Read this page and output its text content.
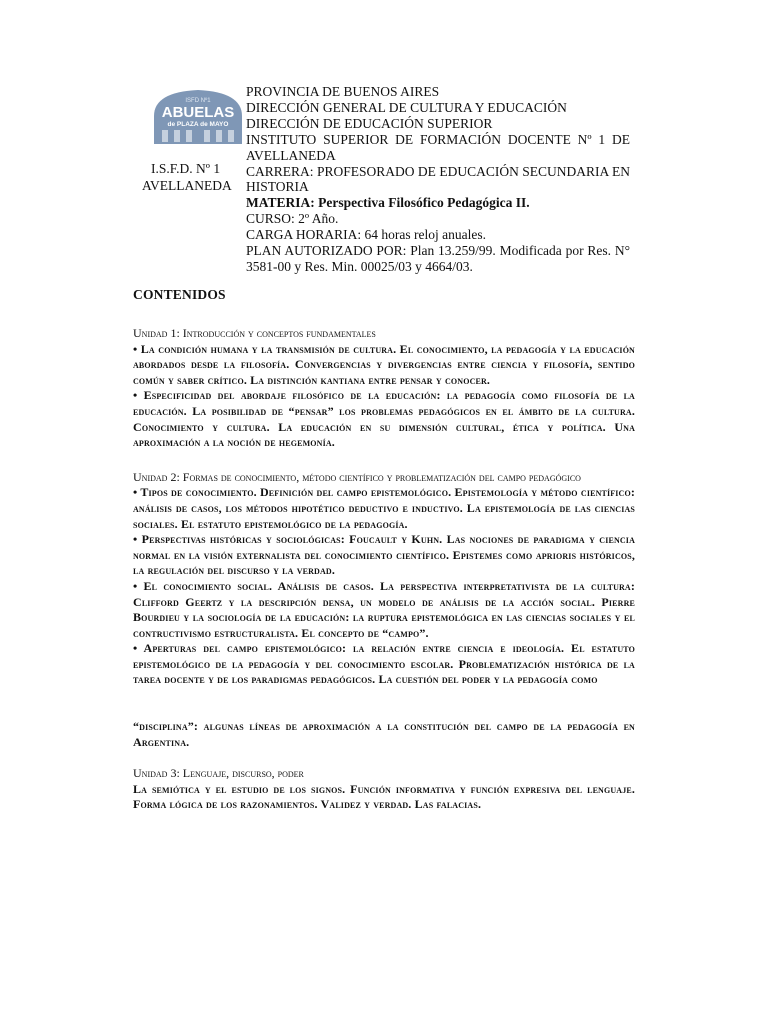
ISFD Nº1
ABUELAS
de PLAZA de MAYO
I.S.F.D. Nº 1
AVELLANEDA
PROVINCIA DE BUENOS AIRES
DIRECCIÓN GENERAL DE CULTURA Y EDUCACIÓN
DIRECCIÓN DE EDUCACIÓN SUPERIOR
INSTITUTO SUPERIOR DE FORMACIÓN DOCENTE Nº 1 DE
AVELLANEDA
CARRERA: PROFESORADO DE EDUCACIÓN SECUNDARIA EN
HISTORIA
MATERIA: Perspectiva Filosófico Pedagógica II.
CURSO: 2º Año.
CARGA HORARIA: 64 horas reloj anuales.
PLAN AUTORIZADO POR: Plan 13.259/99. Modificada por Res. N°
3581-00 y Res. Min. 00025/03 y 4664/03.
CONTENIDOS
Unidad 1: Introducción y conceptos fundamentales
• La condición humana y la transmisión de cultura. El conocimiento, la pedagogía y la educación abordados desde la filosofía. Convergencias y divergencias entre ciencia y filosofía, sentido común y saber crítico. La distinción kantiana entre pensar y conocer.
• Especificidad del abordaje filosófico de la educación: la pedagogía como filosofía de la educación. La posibilidad de “pensar” los problemas pedagógicos en el ámbito de la cultura. Conocimiento y cultura. La educación en su dimensión cultural, ética y política. Una aproximación a la noción de hegemonía.
Unidad 2: Formas de conocimiento, método científico y problematización del campo pedagógico
• Tipos de conocimiento. Definición del campo epistemológico. Epistemología y método científico: análisis de casos, los métodos hipotético deductivo e inductivo. La epistemología de las ciencias sociales. El estatuto epistemológico de la pedagogía.
• Perspectivas históricas y sociológicas: Foucault y Kuhn. Las nociones de paradigma y ciencia normal en la visión externalista del conocimiento científico. Epistemes como aprioris históricos, la regulación del discurso y la verdad.
• El conocimiento social. Análisis de casos. La perspectiva interpretativista de la cultura: Clifford Geertz y la descripción densa, un modelo de análisis de la acción social. Pierre Bourdieu y la sociología de la educación: la ruptura epistemológica en las ciencias sociales y el contructivismo estructuralista. El concepto de “campo”.
• Aperturas del campo epistemológico: la relación entre ciencia e ideología. El estatuto epistemológico de la pedagogía y del conocimiento escolar. Problematización histórica de la tarea docente y de los paradigmas pedagógicos. La cuestión del poder y la pedagogía como
“disciplina”: algunas líneas de aproximación a la constitución del campo de la pedagogía en Argentina.
Unidad 3: Lenguaje, discurso, poder
La semiótica y el estudio de los signos. Función informativa y función expresiva del lenguaje. Forma lógica de los razonamientos. Validez y verdad. Las falacias.
